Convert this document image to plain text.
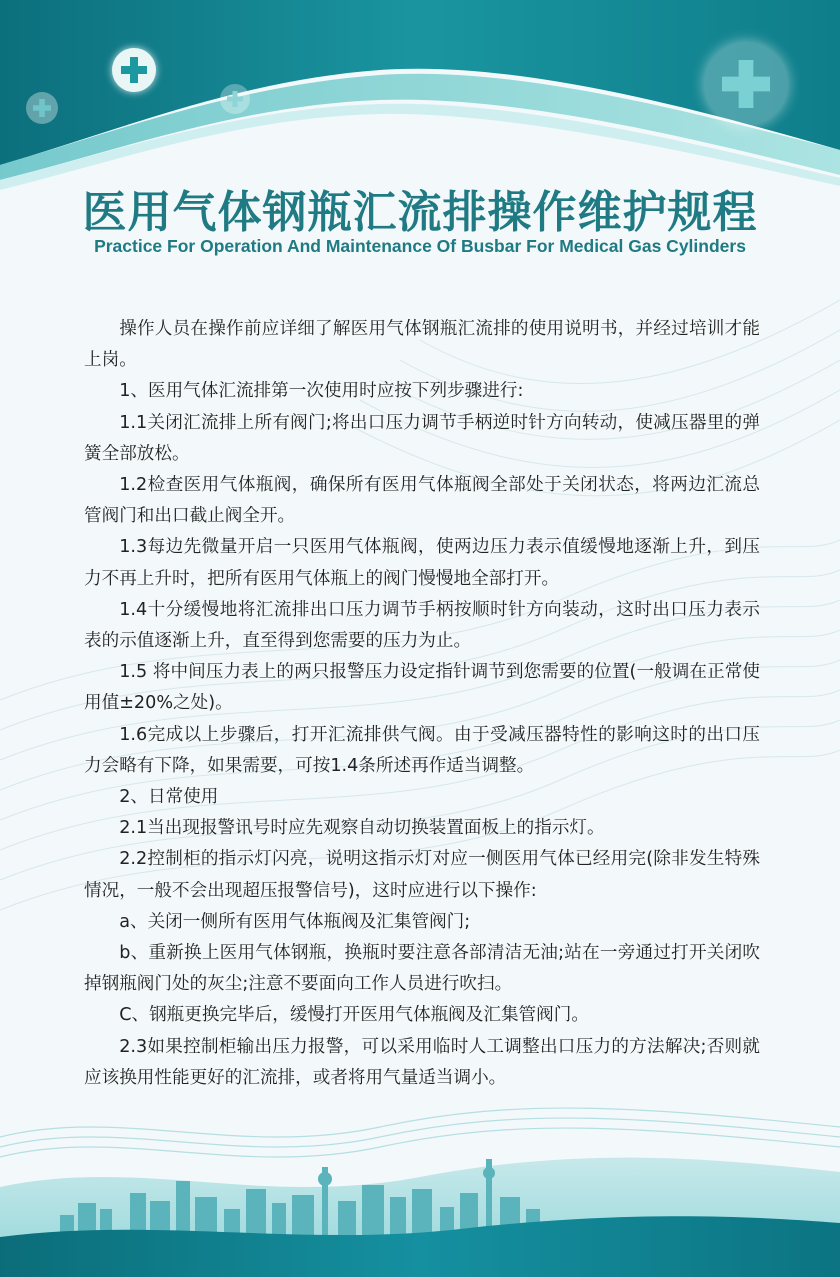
医用气体钢瓶汇流排操作维护规程
Practice For Operation And Maintenance Of Busbar For Medical Gas Cylinders

操作人员在操作前应详细了解医用气体钢瓶汇流排的使用说明书，并经过培训才能上岗。

1、医用气体汇流排第一次使用时应按下列步骤进行:

1.1关闭汇流排上所有阀门;将出口压力调节手柄逆时针方向转动，使减压器里的弹簧全部放松。

1.2检查医用气体瓶阀，确保所有医用气体瓶阀全部处于关闭状态，将两边汇流总管阀门和出口截止阀全开。

1.3每边先微量开启一只医用气体瓶阀，使两边压力表示值缓慢地逐渐上升，到压力不再上升时，把所有医用气体瓶上的阀门慢慢地全部打开。

1.4十分缓慢地将汇流排出口压力调节手柄按顺时针方向装动，这时出口压力表示表的示值逐渐上升，直至得到您需要的压力为止。

1.5 将中间压力表上的两只报警压力设定指针调节到您需要的位置(一般调在正常使用值±20%之处)。

1.6完成以上步骤后，打开汇流排供气阀。由于受减压器特性的影响这时的出口压力会略有下降，如果需要，可按1.4条所述再作适当调整。

2、日常使用

2.1当出现报警讯号时应先观察自动切换装置面板上的指示灯。

2.2控制柜的指示灯闪亮，说明这指示灯对应一侧医用气体已经用完(除非发生特殊情况，一般不会出现超压报警信号)，这时应进行以下操作:

a、关闭一侧所有医用气体瓶阀及汇集管阀门;

b、重新换上医用气体钢瓶，换瓶时要注意各部清洁无油;站在一旁通过打开关闭吹掉钢瓶阀门处的灰尘;注意不要面向工作人员进行吹扫。

C、钢瓶更换完毕后，缓慢打开医用气体瓶阀及汇集管阀门。

2.3如果控制柜输出压力报警，可以采用临时人工调整出口压力的方法解决;否则就应该换用性能更好的汇流排，或者将用气量适当调小。
